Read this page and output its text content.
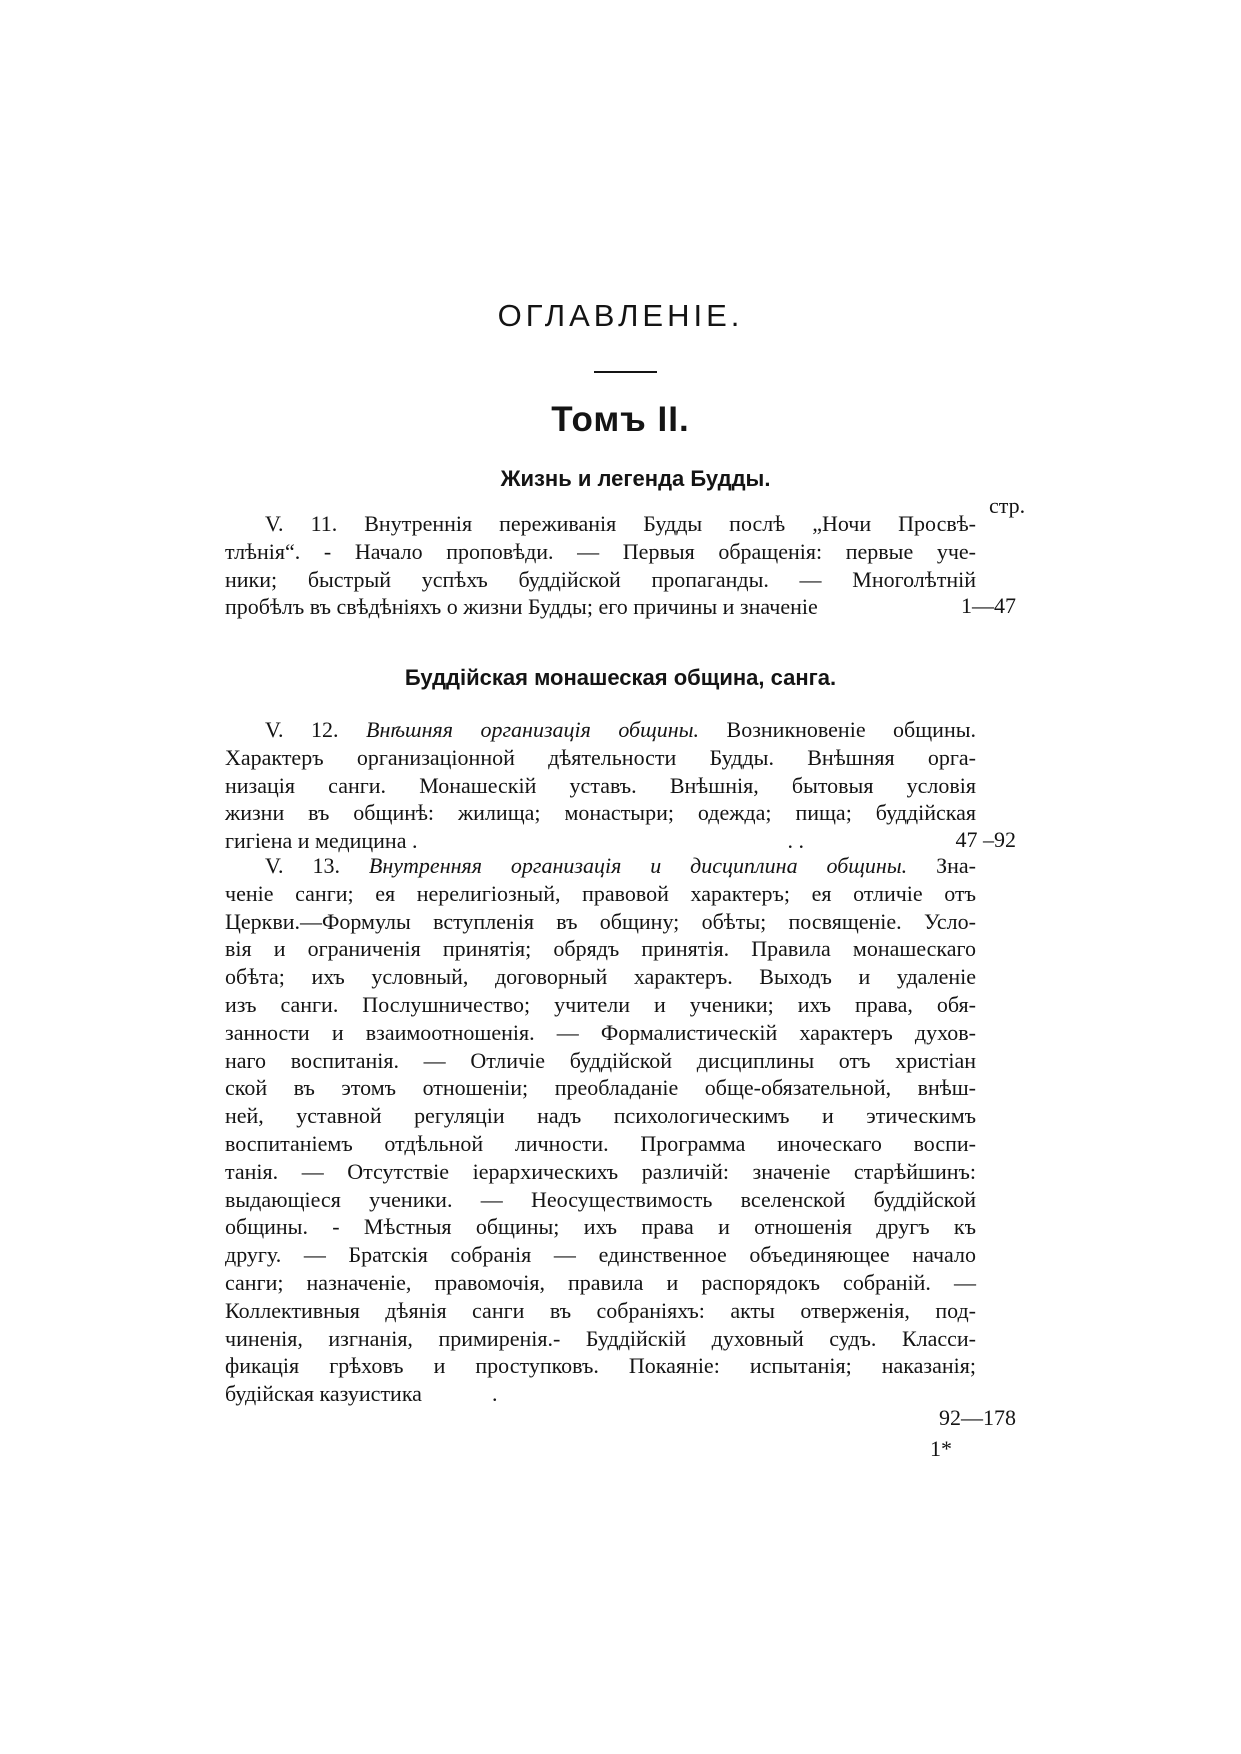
ОГЛАВЛЕНІЕ.
Томъ II.
Жизнь и легенда Будды.
стр.
V. 11. Внутреннія переживанія Будды послѣ „Ночи Просвѣ-
тлѣнія“. - Начало проповѣди. — Первыя обращенія: первые уче-
ники; быстрый успѣхъ буддійской пропаганды. — Многолѣтній
пробѣлъ въ свѣдѣніяхъ о жизни Будды; его причины и значеніе	1—47
Буддійская монашеская община, санга.
V. 12. Внѣшняя организація общины. Возникновеніе общины.
Характеръ организаціонной дѣятельности Будды. Внѣшняя орга-
низація санги. Монашескій уставъ. Внѣшнія, бытовыя условія
жизни въ общинѣ: жилища; монастыри; одежда; пища; буддійская
гигіена и медицина .	. .	47 –92
V. 13. Внутренняя организація и дисциплина общины. Зна-
ченіе санги; ея нерелигіозный, правовой характеръ; ея отличіе отъ
Церкви.—Формулы вступленія въ общину; обѣты; посвященіе. Усло-
вія и ограниченія принятія; обрядъ принятія. Правила монашескаго
обѣта; ихъ условный, договорный характеръ. Выходъ и удаленіе
изъ санги. Послушничество; учители и ученики; ихъ права, обя-
занности и взаимоотношенія. — Формалистическій характеръ духов-
наго воспитанія. — Отличіе буддійской дисциплины отъ христіан
ской въ этомъ отношеніи; преобладаніе обще-обязательной, внѣш-
ней, уставной регуляціи надъ психологическимъ и этическимъ
воспитаніемъ отдѣльной личности. Программа иноческаго воспи-
танія. — Отсутствіе іерархическихъ различій: значеніе старѣйшинъ:
выдающіеся ученики. — Неосуществимость вселенской буддійской
общины. - Мѣстныя общины; ихъ права и отношенія другъ къ
другу. — Братскія собранія — единственное объединяющее начало
санги; назначеніе, правомочія, правила и распорядокъ собраній. —
Коллективныя дѣянія санги въ собраніяхъ: акты отверженія, под-
чиненія, изгнанія, примиренія.- Буддійскій духовный судъ. Класси-
фикація грѣховъ и проступковъ. Покаяніе: испытанія; наказанія;
будійская казуистика	.
92—178
1*
